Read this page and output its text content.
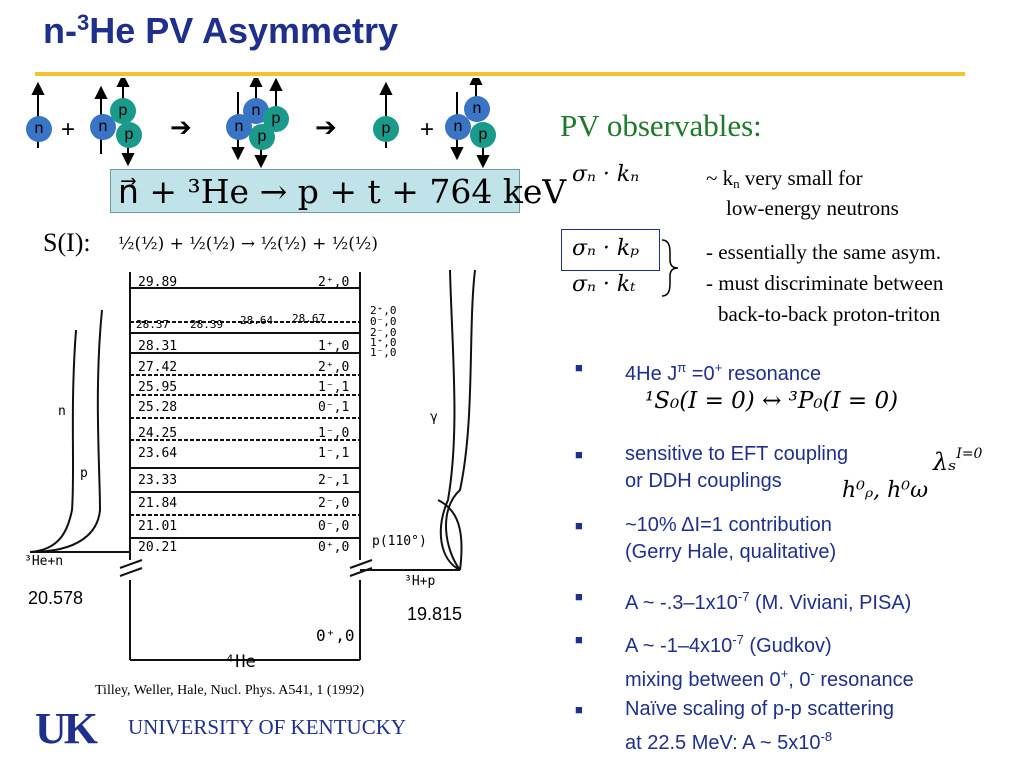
n-$^3$He PV Asymmetry
n +	n
p
p	➔	n
n p
p	➔	p	+	n
n
p
n⃗ + ³He → p + t + 764 keV
S(I): ½(½) + ½(½) → ½(½) + ½(½)
29.89	2⁺,0
28.37 28.39 28.64 28.67
2⁺,0
0⁻,0
2⁻,0
1⁺,0
1⁻,0
28.31	1⁺,0
27.42	2⁺,0
25.95	1⁻,1
25.28	0⁻,1
24.25	1⁻,0
23.64	1⁻,1
23.33	2⁻,1
21.84	2⁻,0
21.01	0⁻,0
20.21	0⁺,0
0⁺,0
⁴He
³He+n
³H+p
n
p
γ
p(110°)
20.578
19.815
Tilley, Weller, Hale, Nucl. Phys. A541, 1 (1992)
PV observables:
σₙ · kₙ	~ $k_n$ very small for
low-energy neutrons
σₙ · kₚ
σₙ · kₜ
- essentially the same asym.
- must discriminate between
back-to-back proton-triton
■	4He $J^\pi =0^+$ resonance
¹S₀(I = 0) ↔ ³P₀(I = 0)
■	sensitive to EFT coupling
or DDH couplings
λₛ$^{I=0}$
h⁰ᵨ, h⁰ω
■	~10% ΔI=1 contribution
(Gerry Hale, qualitative)
■	A ~ $-.3-1x10^{-7}$ (M. Viviani, PISA)
■	A ~ $-1-4x10^{-7}$ (Gudkov)
mixing between 0+, 0- resonance
■	Naïve scaling of p-p scattering
at 22.5 MeV: A ~ $5x10^{-8}$
UK UNIVERSITY OF KENTUCKY
